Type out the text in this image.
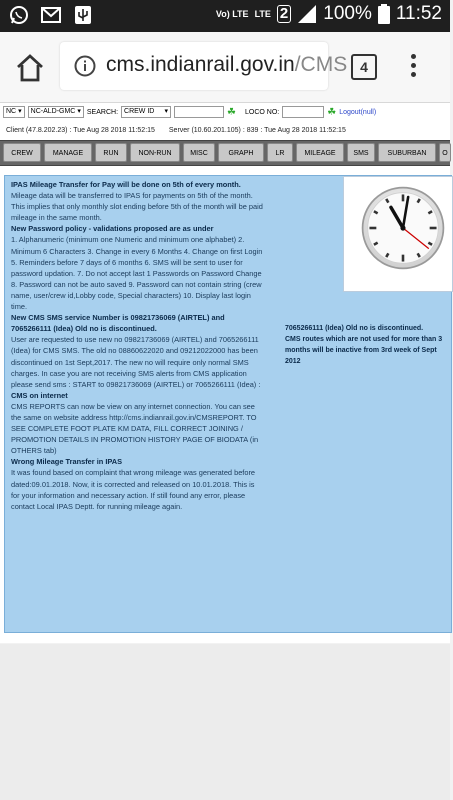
Vo) LTE LTE 2 100% 11:52
cms.indianrail.gov.in/CMS 4
NC ▾ NC-ALD-GMC ▾ SEARCH: CREW ID ▾	☘ LOCO NO:	☘ Logout(null)
Client (47.8.202.23) : Tue Aug 28 2018 11:52:15 Server (10.60.201.105) : 839 : Tue Aug 28 2018 11:52:15
CREW	MANAGE	RUN	NON-RUN	MISC	GRAPH	LR	MILEAGE	SMS	SUBURBAN	O

IPAS Mileage Transfer for Pay will be done on 5th of every month.

Mileage data will be transferred to IPAS for payments on 5th of the month. This implies that only monthly slot ending before 5th of the month will be paid mileage in the same month.

New Password policy - validations proposed are as under

1. Alphanumeric (minimum one Numeric and minimum one alphabet) 2. Minimum 6 Characters 3. Change in every 6 Months 4. Change on first Login 5. Reminders before 7 days of 6 months 6. SMS will be sent to user for password updation. 7. Do not accept last 1 Passwords on Password Change 8. Password can not be auto saved 9. Password can not contain string (crew name, user/crew id,Lobby code, Special characters) 10. Display last login time.

New CMS SMS service Number is 09821736069 (AIRTEL) and 7065266111 (Idea) Old no is discontinued.

User are requested to use new no 09821736069 (AIRTEL) and 7065266111 (Idea) for CMS SMS. The old no 08860622020 and 09212022000 has been discontinued on 1st Sept,2017. The new no will require only normal SMS charges. In case you are not receiving SMS alerts from CMS application please send sms : START to 09821736069 (AIRTEL) or 7065266111 (Idea) :

CMS on internet

CMS REPORTS can now be view on any internet connection. You can see the same on website address http://cms.indianrail.gov.in/CMSREPORT. TO SEE COMPLETE FOOT PLATE KM DATA, FILL CORRECT JOINING / PROMOTION DETAILS IN PROMOTION HISTORY PAGE OF BIODATA (in OTHERS tab)

Wrong Mileage Transfer in IPAS

It was found based on complaint that wrong mileage was generated before dated:09.01.2018. Now, it is corrected and released on 10.01.2018. This is for your information and necessary action. If still found any error, please contact Local IPAS Deptt. for running mileage again.

7065266111 (Idea) Old no is discontinued.

CMS routes which are not used for more than 3 months will be inactive from 3rd week of Sept 2012
